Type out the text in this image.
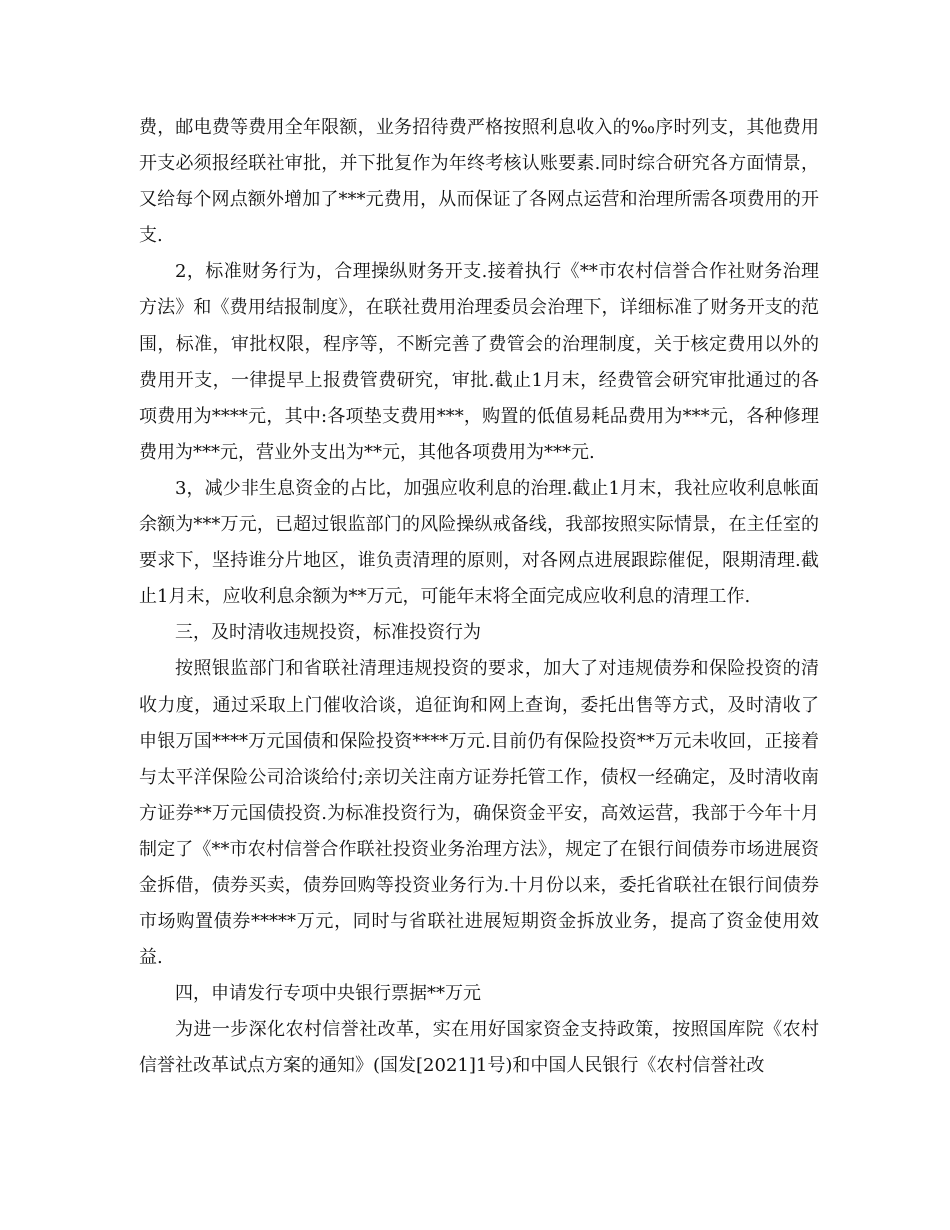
费，邮电费等费用全年限额，业务招待费严格按照利息收入的‰序时列支，其他费用开支必须报经联社审批，并下批复作为年终考核认账要素.同时综合研究各方面情景，又给每个网点额外增加了***元费用，从而保证了各网点运营和治理所需各项费用的开支.

2，标准财务行为，合理操纵财务开支.接着执行《**市农村信誉合作社财务治理方法》和《费用结报制度》，在联社费用治理委员会治理下，详细标准了财务开支的范围，标准，审批权限，程序等，不断完善了费管会的治理制度，关于核定费用以外的费用开支，一律提早上报费管费研究，审批.截止1月末，经费管会研究审批通过的各项费用为****元，其中:各项垫支费用***，购置的低值易耗品费用为***元，各种修理费用为***元，营业外支出为**元，其他各项费用为***元.

3，减少非生息资金的占比，加强应收利息的治理.截止1月末，我社应收利息帐面余额为***万元，已超过银监部门的风险操纵戒备线，我部按照实际情景，在主任室的要求下，坚持谁分片地区，谁负责清理的原则，对各网点进展跟踪催促，限期清理.截止1月末，应收利息余额为**万元，可能年末将全面完成应收利息的清理工作.

三，及时清收违规投资，标准投资行为

按照银监部门和省联社清理违规投资的要求，加大了对违规债券和保险投资的清收力度，通过采取上门催收洽谈，追征询和网上查询，委托出售等方式，及时清收了申银万国****万元国债和保险投资****万元.目前仍有保险投资**万元未收回，正接着与太平洋保险公司洽谈给付;亲切关注南方证券托管工作，债权一经确定，及时清收南方证券**万元国债投资.为标准投资行为，确保资金平安，高效运营，我部于今年十月制定了《**市农村信誉合作联社投资业务治理方法》，规定了在银行间债券市场进展资金拆借，债券买卖，债券回购等投资业务行为.十月份以来，委托省联社在银行间债券市场购置债券*****万元，同时与省联社进展短期资金拆放业务，提高了资金使用效益.

四，申请发行专项中央银行票据**万元

为进一步深化农村信誉社改革，实在用好国家资金支持政策，按照国库院《农村信誉社改革试点方案的通知》(国发[2021]1号)和中国人民银行《农村信誉社改
